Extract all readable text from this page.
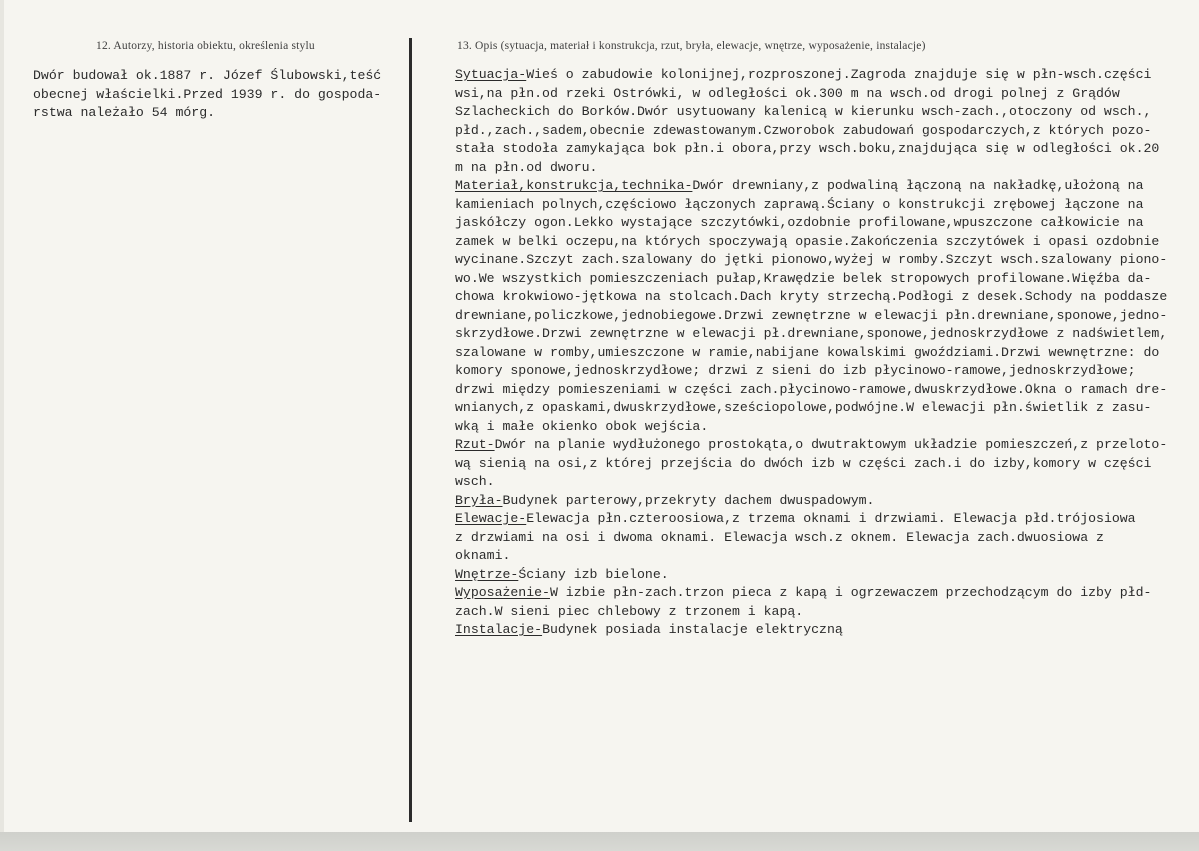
12. Autorzy, historia obiektu, określenia stylu	13. Opis (sytuacja, materiał i konstrukcja, rzut, bryła, elewacje, wnętrze, wyposażenie, instalacje)
Dwór budował ok.1887 r. Józef Ślubowski,teść
obecnej właścielki.Przed 1939 r. do gospoda-
rstwa należało 54 mórg.
Sytuacja-Wieś o zabudowie kolonijnej,rozproszonej.Zagroda znajduje się w płn-wsch.części
wsi,na płn.od rzeki Ostrówki, w odległości ok.300 m na wsch.od drogi polnej z Grądów
Szlacheckich do Borków.Dwór usytuowany kalenicą w kierunku wsch-zach.,otoczony od wsch.,
płd.,zach.,sadem,obecnie zdewastowanym.Czworobok zabudowań gospodarczych,z których pozo-
stała stodoła zamykająca bok płn.i obora,przy wsch.boku,znajdująca się w odległości ok.20
m na płn.od dworu.
Materiał,konstrukcja,technika-Dwór drewniany,z podwaliną łączoną na nakładkę,ułożoną na
kamieniach polnych,częściowo łączonych zaprawą.Ściany o konstrukcji zrębowej łączone na
jaskółczy ogon.Lekko wystające szczytówki,ozdobnie profilowane,wpuszczone całkowicie na
zamek w belki oczepu,na których spoczywają opasie.Zakończenia szczytówek i opasi ozdobnie
wycinane.Szczyt zach.szalowany do jętki pionowo,wyżej w romby.Szczyt wsch.szalowany piono-
wo.We wszystkich pomieszczeniach pułap,Krawędzie belek stropowych profilowane.Więźba da-
chowa krokwiowo-jętkowa na stolcach.Dach kryty strzechą.Podłogi z desek.Schody na poddasze
drewniane,policzkowe,jednobiegowe.Drzwi zewnętrzne w elewacji płn.drewniane,sponowe,jedno-
skrzydłowe.Drzwi zewnętrzne w elewacji pł.drewniane,sponowe,jednoskrzydłowe z nadświetlem,
szalowane w romby,umieszczone w ramie,nabijane kowalskimi gwoździami.Drzwi wewnętrzne: do
komory sponowe,jednoskrzydłowe; drzwi z sieni do izb płycinowo-ramowe,jednoskrzydłowe;
drzwi między pomieszeniami w części zach.płycinowo-ramowe,dwuskrzydłowe.Okna o ramach dre-
wnianych,z opaskami,dwuskrzydłowe,sześciopolowe,podwójne.W elewacji płn.świetlik z zasu-
wką i małe okienko obok wejścia.
Rzut-Dwór na planie wydłużonego prostokąta,o dwutraktowym układzie pomieszczeń,z przeloto-
wą sienią na osi,z której przejścia do dwóch izb w części zach.i do izby,komory w części
wsch.
Bryła-Budynek parterowy,przekryty dachem dwuspadowym.
Elewacje-Elewacja płn.czteroosiowa,z trzema oknami i drzwiami. Elewacja płd.trójosiowa
z drzwiami na osi i dwoma oknami. Elewacja wsch.z oknem. Elewacja zach.dwuosiowa z
oknami.
Wnętrze-Ściany izb bielone.
Wyposażenie-W izbie płn-zach.trzon pieca z kapą i ogrzewaczem przechodzącym do izby płd-
zach.W sieni piec chlebowy z trzonem i kapą.
Instalacje-Budynek posiada instalacje elektryczną
